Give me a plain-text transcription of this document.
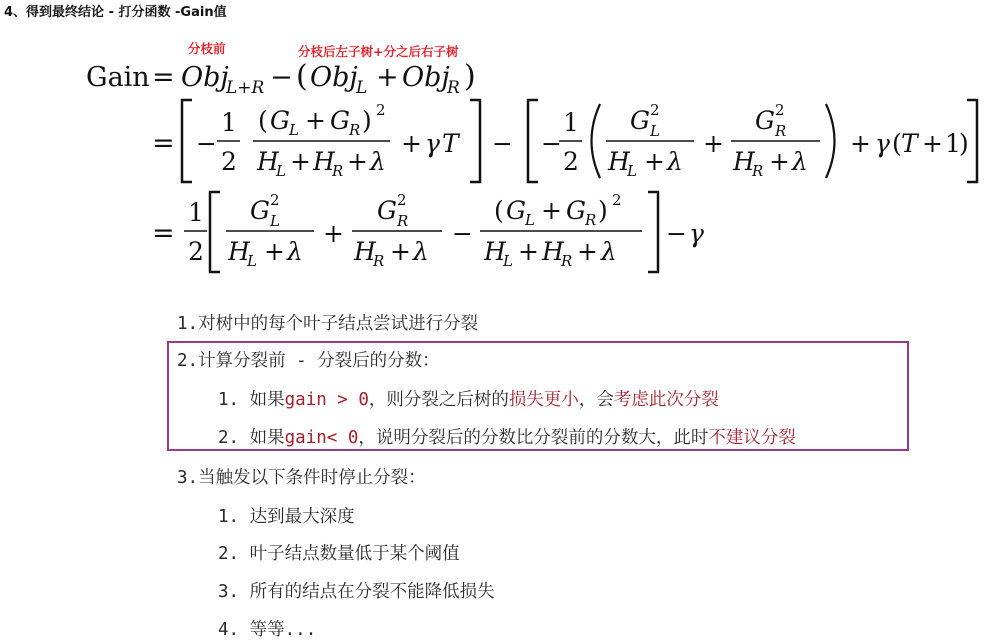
4、得到最终结论 - 打分函数 -Gain值
分枝前	分枝后左子树+分之后右子树
Gain = Obj
L+R − ( Obj
L + Obj
R )
= −
1
2
( G L + G R ) 2
H
L + H
R + λ
+ γ T − −
1
2
G 2
L
H
L + λ
+
G 2
R
H
R + λ
+ γ ( T + 1
)
=
1
2
G 2
L
H
L + λ
+
G 2
R
H
R + λ
−
( G L + G R ) 2
H
L + H
R + λ
− γ
1.对树中的每个叶子结点尝试进行分裂
2.计算分裂前 - 分裂后的分数：
1. 如果gain > 0，则分裂之后树的损失更小，会考虑此次分裂
2. 如果gain< 0，说明分裂后的分数比分裂前的分数大，此时不建议分裂
3.当触发以下条件时停止分裂：
1. 达到最大深度
2. 叶子结点数量低于某个阈值
3. 所有的结点在分裂不能降低损失
4. 等等...
